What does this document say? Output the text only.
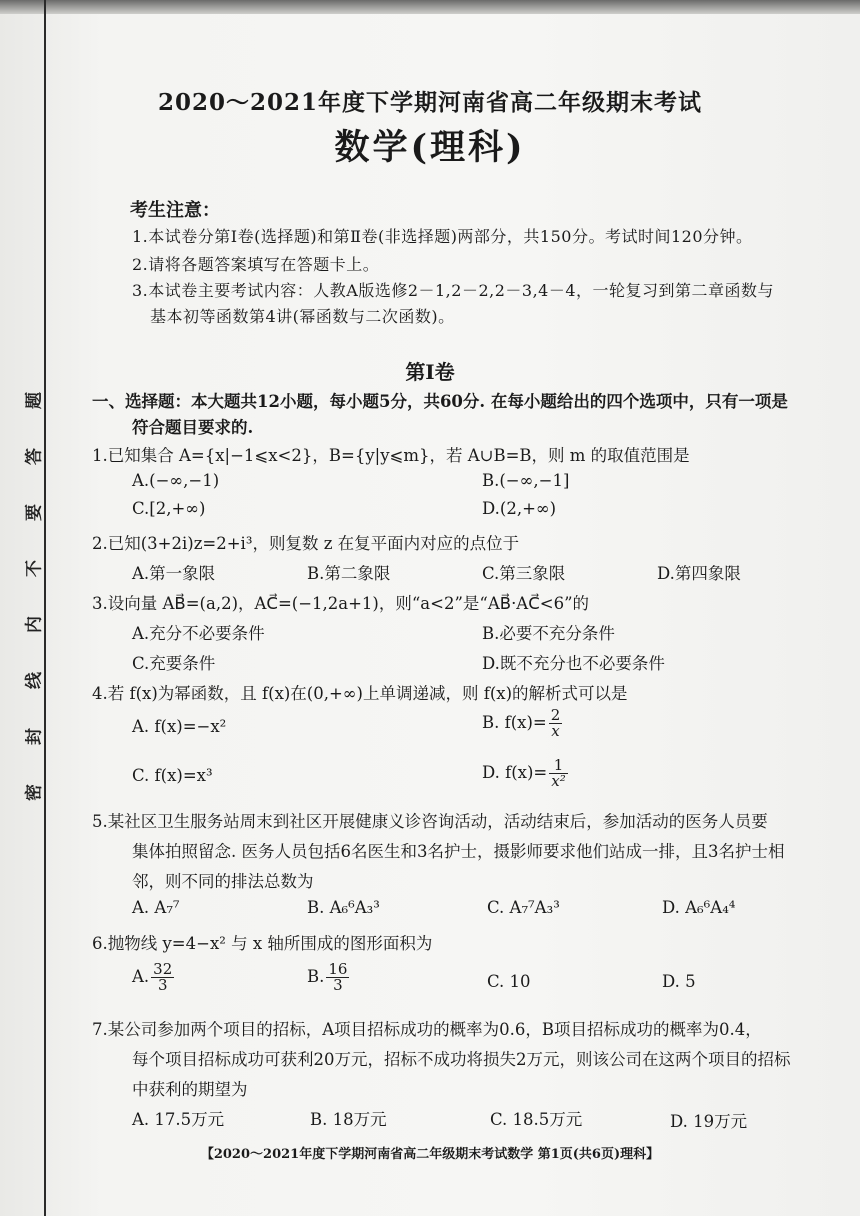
题
答
要
不
内
线
封
密
2020～2021年度下学期河南省高二年级期末考试
数学(理科)
考生注意：
1.本试卷分第Ⅰ卷(选择题)和第Ⅱ卷(非选择题)两部分，共150分。考试时间120分钟。
2.请将各题答案填写在答题卡上。
3.本试卷主要考试内容：人教A版选修2－1,2－2,2－3,4－4，一轮复习到第二章函数与
基本初等函数第4讲(幂函数与二次函数)。
第Ⅰ卷
一、选择题：本大题共12小题，每小题5分，共60分. 在每小题给出的四个选项中，只有一项是
符合题目要求的.
1.已知集合 A={x|−1⩽x<2}，B={y|y⩽m}，若 A∪B=B，则 m 的取值范围是
A.(−∞,−1)	B.(−∞,−1]
C.[2,+∞)	D.(2,+∞)
2.已知(3+2i)z=2+i³，则复数 z 在复平面内对应的点位于
A.第一象限	B.第二象限	C.第三象限	D.第四象限
3.设向量 AB⃗=(a,2)，AC⃗=(−1,2a+1)，则“a<2”是“AB⃗·AC⃗<6”的
A.充分不必要条件	B.必要不充分条件
C.充要条件	D.既不充分也不必要条件
4.若 f(x)为幂函数，且 f(x)在(0,+∞)上单调递减，则 f(x)的解析式可以是
A. f(x)=−x²	B. $f(x)= \frac{2}{x}$
C. f(x)=x³	D. $f(x)= \frac{1}{\text{x²}}$
5.某社区卫生服务站周末到社区开展健康义诊咨询活动，活动结束后，参加活动的医务人员要
集体拍照留念. 医务人员包括6名医生和3名护士，摄影师要求他们站成一排，且3名护士相
邻，则不同的排法总数为
A. A₇⁷	B. A₆⁶A₃³	C. A₇⁷A₃³	D. A₆⁶A₄⁴
6.抛物线 y=4−x² 与 x 轴所围成的图形面积为
A. $\frac{32}{3}$	B. $\frac{16}{3}$	C. 10	D. 5
7.某公司参加两个项目的招标，A项目招标成功的概率为0.6，B项目招标成功的概率为0.4，
每个项目招标成功可获利20万元，招标不成功将损失2万元，则该公司在这两个项目的招标
中获利的期望为
A. 17.5万元	B. 18万元	C. 18.5万元	D. 19万元
【2020～2021年度下学期河南省高二年级期末考试数学 第1页(共6页)理科】
